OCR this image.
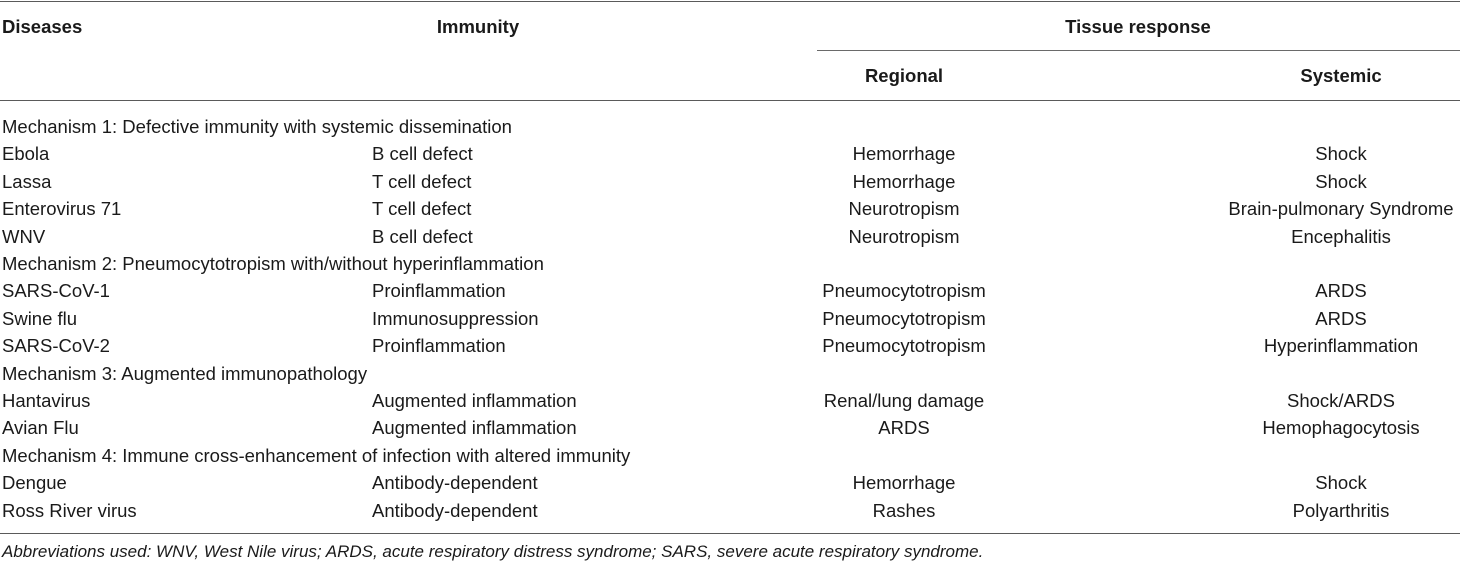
Diseases	Immunity	Tissue response
Regional	Systemic
Mechanism 1: Defective immunity with systemic dissemination
Ebola	B cell defect	Hemorrhage	Shock
Lassa	T cell defect	Hemorrhage	Shock
Enterovirus 71	T cell defect	Neurotropism	Brain-pulmonary Syndrome
WNV	B cell defect	Neurotropism	Encephalitis
Mechanism 2: Pneumocytotropism with/without hyperinflammation
SARS-CoV-1	Proinflammation	Pneumocytotropism	ARDS
Swine flu	Immunosuppression	Pneumocytotropism	ARDS
SARS-CoV-2	Proinflammation	Pneumocytotropism	Hyperinflammation
Mechanism 3: Augmented immunopathology
Hantavirus	Augmented inflammation	Renal/lung damage	Shock/ARDS
Avian Flu	Augmented inflammation	ARDS	Hemophagocytosis
Mechanism 4: Immune cross-enhancement of infection with altered immunity
Dengue	Antibody-dependent	Hemorrhage	Shock
Ross River virus	Antibody-dependent	Rashes	Polyarthritis
Abbreviations used: WNV, West Nile virus; ARDS, acute respiratory distress syndrome; SARS, severe acute respiratory syndrome.
